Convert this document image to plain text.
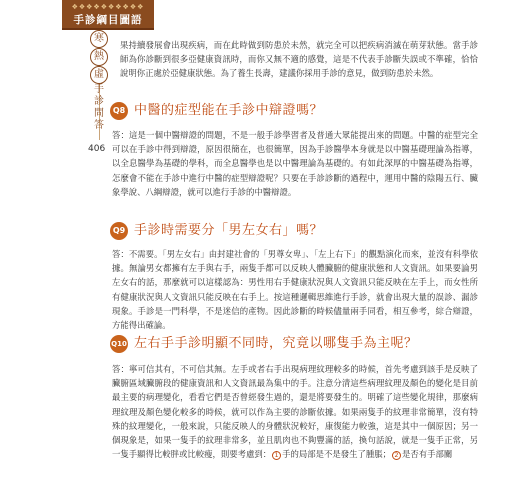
❖❖❖❖❖❖❖❖❖❖
手診綱目圖語
寒
熱
虛
手診問答
406
果持續發展會出現疾病，而在此時做到防患於未然，就完全可以把疾病消滅在萌芽狀態。當手診師為你診斷到很多亞健康資訊時，而你又無不適的感覺，這是不代表手診斷失誤或不準確，恰恰說明你正處於亞健康狀態。為了養生長壽，建議你採用手診的意見，做到防患於未然。
Q8 中醫的症型能在手診中辯證嗎？
答：這是一個中醫辯證的問題，不是一般手診學習者及普通大眾能提出來的問題。中醫的症型完全可以在手診中得到辯證，原因很簡在，也很簡單，因為手診醫學本身就是以中醫基礎理論為指導，以全息醫學為基礎的學科，而全息醫學也是以中醫理論為基礎的。有如此深厚的中醫基礎為指導，怎麼會不能在手診中進行中醫的症型辯證呢？只要在手診診斷的過程中，運用中醫的陰陽五行、臟象學說、八綱辯證，就可以進行手診的中醫辯證。
Q9 手診時需要分「男左女右」嗎？
答：不需要。「男左女右」由封建社會的「男尊女卑」、「左上右下」的觀點演化而來，並沒有科學依據。無論男女都擁有左手與右手，兩隻手都可以反映人體臟腑的健康狀態和人文資訊。如果要論男左女右的話，那麼就可以這樣認為：男性用右手健康狀況與人文資訊只能反映在左手上，而女性所有健康狀況與人文資訊只能反映在右手上。按這種邏輯思維進行手診，就會出現大量的誤診、漏診現象。手診是一門科學，不是迷信的產物。因此診斷的時候儘量兩手同看，相互參考，綜合辯證，方能得出確論。
Q10 左右手手診明顯不同時，究竟以哪隻手為主呢？
答：寧可信其有，不可信其無。左手或者右手出現病理紋理較多的時候，首先考慮到該手是反映了臟腑區域臟腑段的健康資訊和人文資訊最為集中的手。注意分清這些病理紋理及顏色的變化是目前最主要的病理變化，看看它們是否曾經發生過的，還是將要發生的。明確了這些變化規律，那麼病理紋理及顏色變化較多的時候，就可以作為主要的診斷依據。如果兩隻手的紋理非常簡單，沒有特殊的紋理變化，一般來說，只能反映人的身體狀況較好，康復能力較強，這是其中一個原因；另一個現象是，如果一隻手的紋理非常多，並且肌肉也不夠豐滿的話，換句話說，就是一隻手正常，另一隻手顯得比較胖或比較瘦，則要考慮到： 1 手的局部是不是發生了腫脹； 2 是否有手部關
